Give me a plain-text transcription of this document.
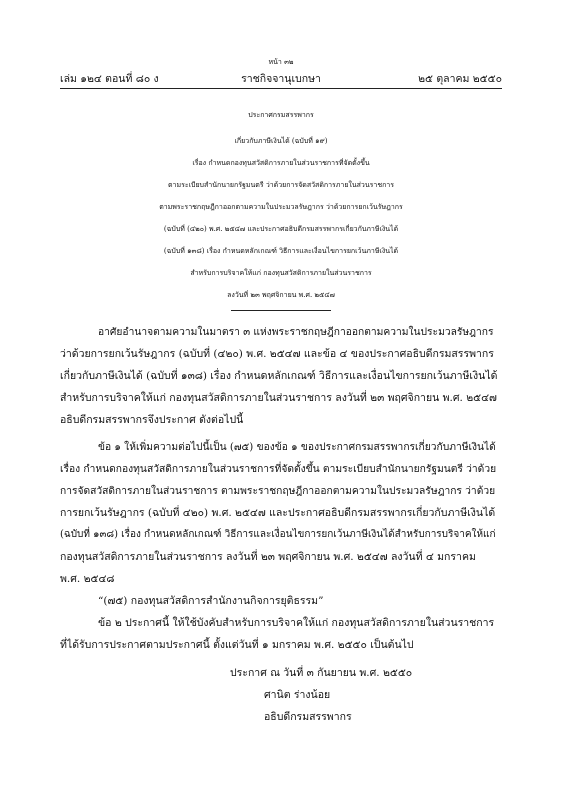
หน้า ๓๒
เล่ม ๑๒๔ ตอนที่ ๘๐ ง	ราชกิจจานุเบกษา	๒๕ ตุลาคม ๒๕๕๐
ประกาศกรมสรรพากร
เกี่ยวกับภาษีเงินได้ (ฉบับที่ ๑๙)
เรื่อง กำหนดกองทุนสวัสดิการภายในส่วนราชการที่จัดตั้งขึ้น
ตามระเบียบสำนักนายกรัฐมนตรี ว่าด้วยการจัดสวัสดิการภายในส่วนราชการ
ตามพระราชกฤษฎีกาออกตามความในประมวลรัษฎากร ว่าด้วยการยกเว้นรัษฎากร
(ฉบับที่ (๔๒๐) พ.ศ. ๒๕๔๗ และประกาศอธิบดีกรมสรรพากรเกี่ยวกับภาษีเงินได้
(ฉบับที่ ๑๓๘) เรื่อง กำหนดหลักเกณฑ์ วิธีการและเงื่อนไขการยกเว้นภาษีเงินได้
สำหรับการบริจาคให้แก่ กองทุนสวัสดิการภายในส่วนราชการ
ลงวันที่ ๒๓ พฤศจิกายน พ.ศ. ๒๕๔๗
อาศัยอำนาจตามความในมาตรา ๓ แห่งพระราชกฤษฎีกาออกตามความในประมวลรัษฎากร
ว่าด้วยการยกเว้นรัษฎากร (ฉบับที่ (๔๒๐) พ.ศ. ๒๕๔๗ และข้อ ๔ ของประกาศอธิบดีกรมสรรพากร
เกี่ยวกับภาษีเงินได้ (ฉบับที่ ๑๓๘) เรื่อง กำหนดหลักเกณฑ์ วิธีการและเงื่อนไขการยกเว้นภาษีเงินได้
สำหรับการบริจาคให้แก่ กองทุนสวัสดิการภายในส่วนราชการ ลงวันที่ ๒๓ พฤศจิกายน พ.ศ. ๒๕๔๗
อธิบดีกรมสรรพากรจึงประกาศ ดังต่อไปนี้
ข้อ ๑ ให้เพิ่มความต่อไปนี้เป็น (๗๕) ของข้อ ๑ ของประกาศกรมสรรพากรเกี่ยวกับภาษีเงินได้
เรื่อง กำหนดกองทุนสวัสดิการภายในส่วนราชการที่จัดตั้งขึ้น ตามระเบียบสำนักนายกรัฐมนตรี ว่าด้วย
การจัดสวัสดิการภายในส่วนราชการ ตามพระราชกฤษฎีกาออกตามความในประมวลรัษฎากร ว่าด้วย
การยกเว้นรัษฎากร (ฉบับที่ ๔๒๐) พ.ศ. ๒๕๔๗ และประกาศอธิบดีกรมสรรพากรเกี่ยวกับภาษีเงินได้
(ฉบับที่ ๑๓๘) เรื่อง กำหนดหลักเกณฑ์ วิธีการและเงื่อนไขการยกเว้นภาษีเงินได้สำหรับการบริจาคให้แก่
กองทุนสวัสดิการภายในส่วนราชการ ลงวันที่ ๒๓ พฤศจิกายน พ.ศ. ๒๕๔๗ ลงวันที่ ๔ มกราคม
พ.ศ. ๒๕๔๘
“(๗๕) กองทุนสวัสดิการสำนักงานกิจการยุติธรรม”
ข้อ ๒ ประกาศนี้ ให้ใช้บังคับสำหรับการบริจาคให้แก่ กองทุนสวัสดิการภายในส่วนราชการ
ที่ได้รับการประกาศตามประกาศนี้ ตั้งแต่วันที่ ๑ มกราคม พ.ศ. ๒๕๕๐ เป็นต้นไป
ประกาศ ณ วันที่ ๓ กันยายน พ.ศ. ๒๕๕๐
ศานิต ร่างน้อย
อธิบดีกรมสรรพากร
